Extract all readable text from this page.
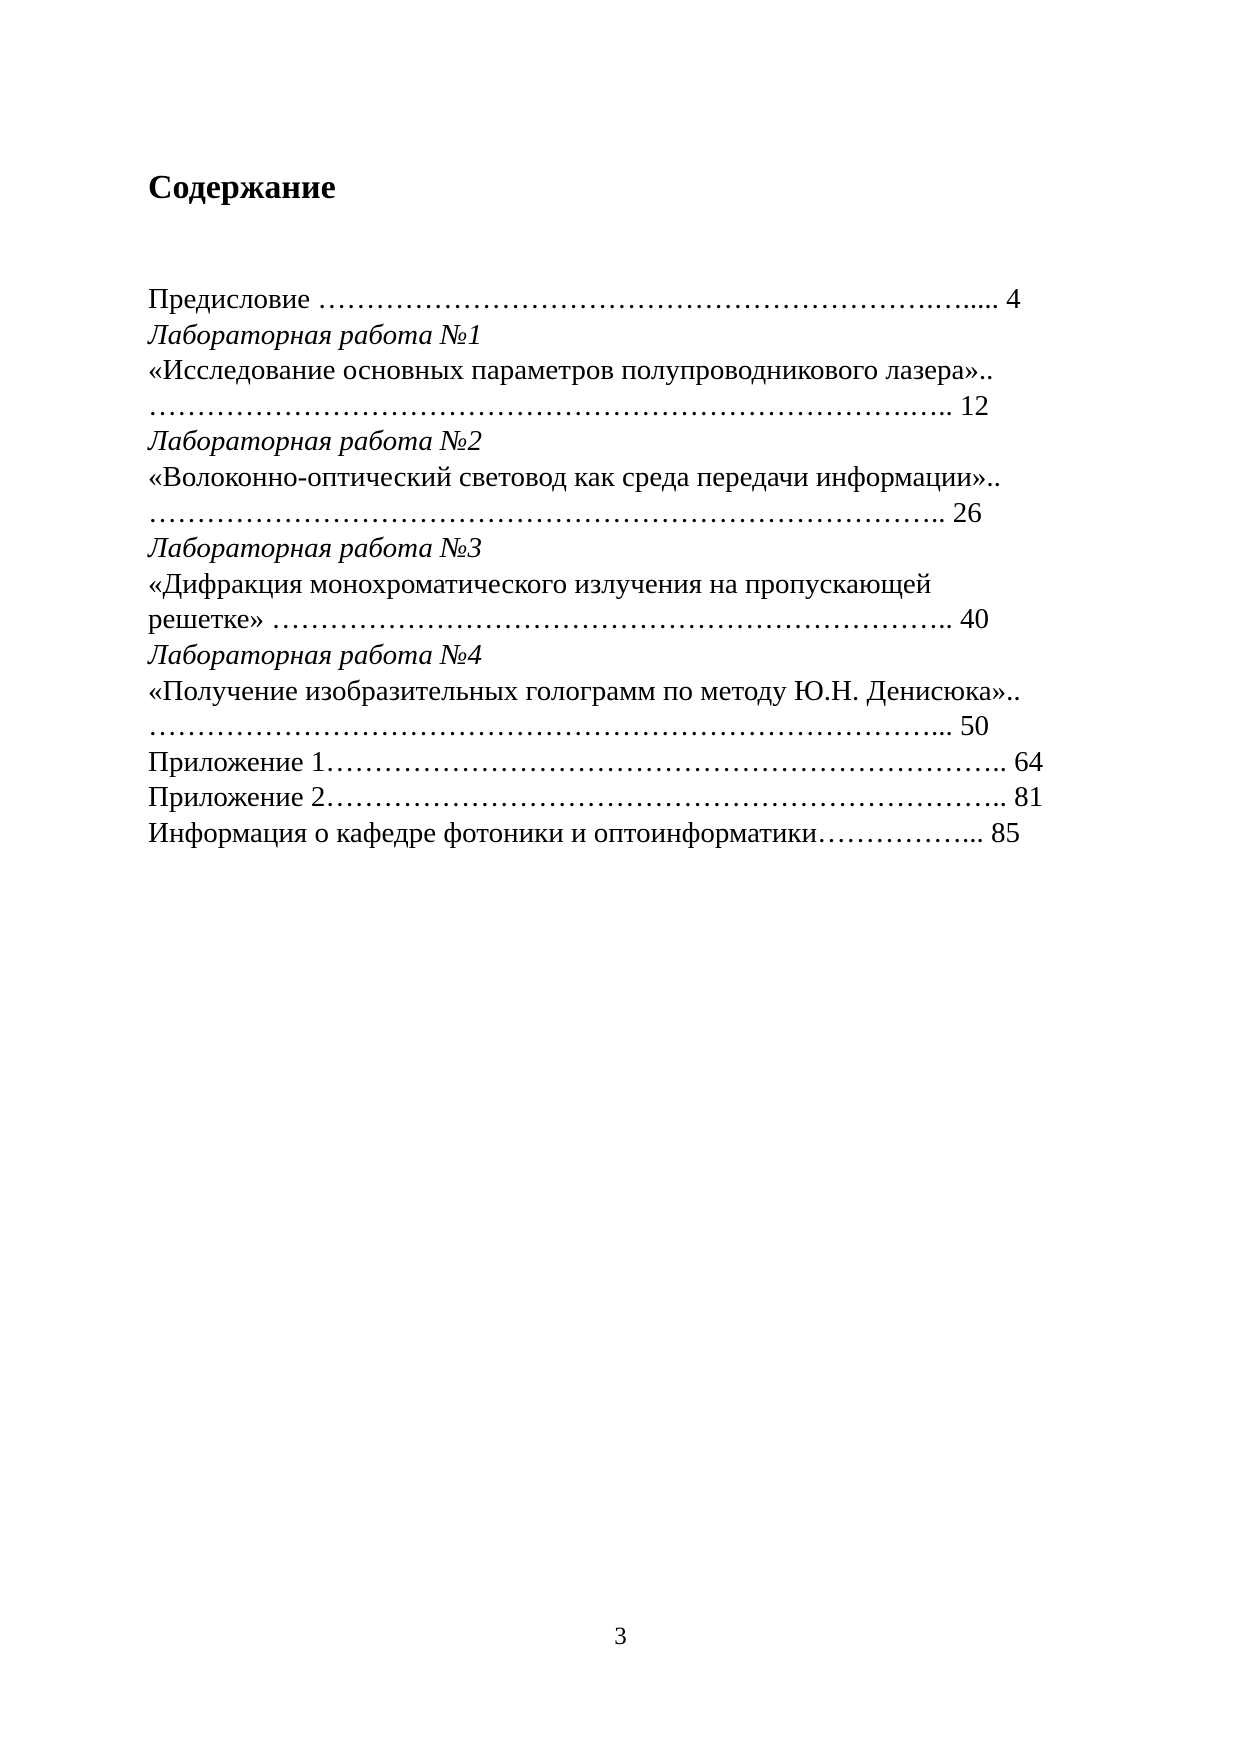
Содержание
Предисловие ……………………………………………………….…..... 4
Лабораторная работа №1
«Исследование основных параметров полупроводникового лазера»..
…………………………………………………………………….….. 12
Лабораторная работа №2
«Волоконно-оптический световод как среда передачи информации»..
……………………………………………………………………….. 26
Лабораторная работа №3
«Дифракция монохроматического излучения на пропускающей
решетке» …………………………………………………………….. 40
Лабораторная работа №4
«Получение изобразительных голограмм по методу Ю.Н. Денисюка»..
………………………………………………………………………... 50
Приложение 1…………………………………………………………….. 64
Приложение 2…………………………………………………………….. 81
Информация о кафедре фотоники и оптоинформатики……………... 85
3
